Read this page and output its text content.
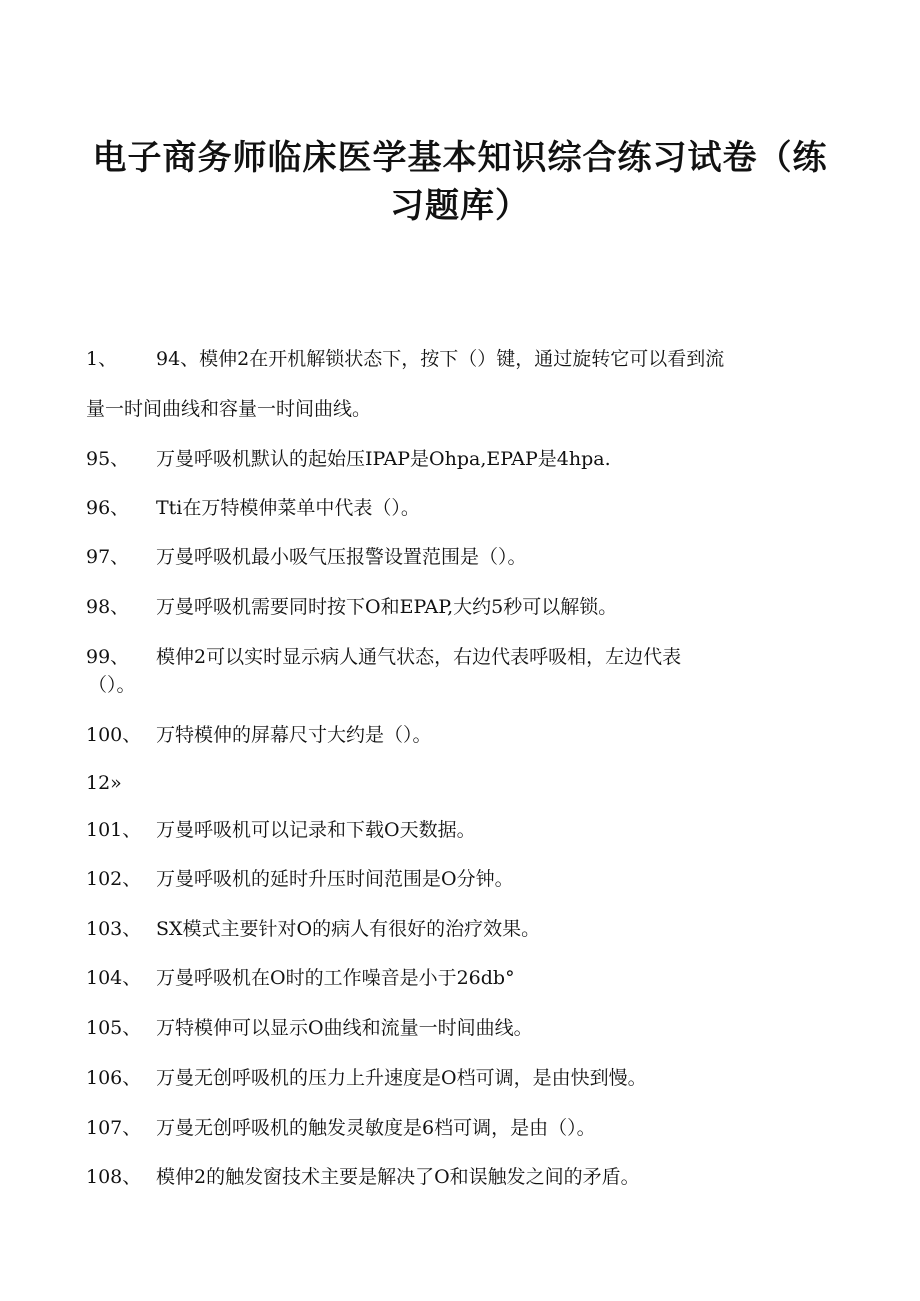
电子商务师临床医学基本知识综合练习试卷（练
习题库）
1、 94、模伸2在开机解锁状态下，按下（）键，通过旋转它可以看到流
量一时间曲线和容量一时间曲线。
95、 万曼呼吸机默认的起始压IPAP是Ohpa,EPAP是4hpa.
96、 Tti在万特模伸菜单中代表（）。
97、 万曼呼吸机最小吸气压报警设置范围是（）。
98、 万曼呼吸机需要同时按下O和EPAP,大约5秒可以解锁。
99、 模伸2可以实时显示病人通气状态，右边代表呼吸相，左边代表
（）。
100、 万特模伸的屏幕尺寸大约是（）。
12»
101、 万曼呼吸机可以记录和下载O天数据。
102、 万曼呼吸机的延时升压时间范围是O分钟。
103、 SX模式主要针对O的病人有很好的治疗效果。
104、 万曼呼吸机在O时的工作噪音是小于26db°
105、 万特模伸可以显示O曲线和流量一时间曲线。
106、 万曼无创呼吸机的压力上升速度是O档可调，是由快到慢。
107、 万曼无创呼吸机的触发灵敏度是6档可调，是由（）。
108、 模伸2的触发窗技术主要是解决了O和误触发之间的矛盾。
